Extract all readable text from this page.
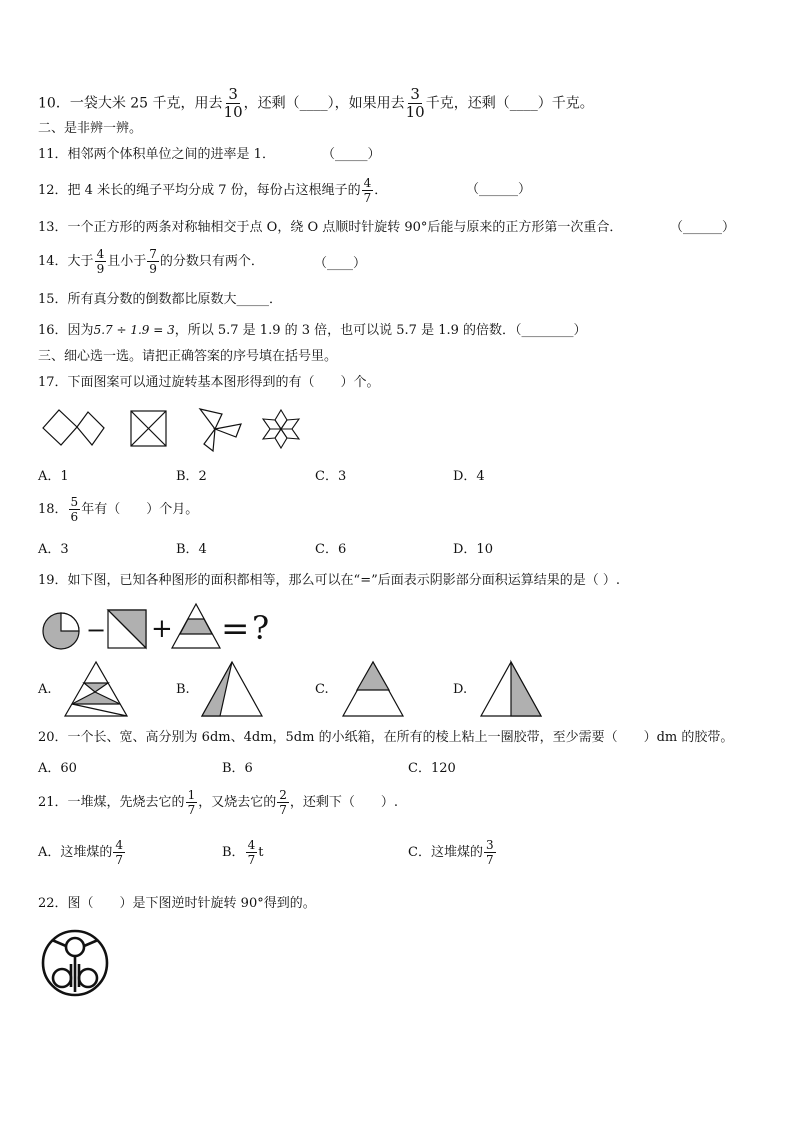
10．一袋大米 25 千克，用去 $\frac{3}{10}$ ，还剩（____），如果用去 $\frac{3}{10}$ 千克，还剩（____）千克。
二、是非辨一辨。
11．相邻两个体积单位之间的进率是 1．	（_____）
12．把 4 米长的绳子平均分成 7 份，每份占这根绳子的 $\frac{4}{7}$ ．	（______）
13．一个正方形的两条对称轴相交于点 O，绕 O 点顺时针旋转 90°后能与原来的正方形第一次重合．	（______）
14．大于 $\frac{4}{9}$ 且小于 $\frac{7}{9}$ 的分数只有两个．	（____）
15．所有真分数的倒数都比原数大_____．
16．因为5.7 ÷ 1.9 = 3，所以 5.7 是 1.9 的 3 倍，也可以说 5.7 是 1.9 的倍数．（________）
三、细心选一选。请把正确答案的序号填在括号里。
17．下面图案可以通过旋转基本图形得到的有（　　）个。
A．1	B．2	C．3	D．4
18． $\frac{5}{6}$ 年有（　　）个月。
A．3	B．4	C．6	D．10
19．如下图，已知各种图形的面积都相等，那么可以在“=”后面表示阴影部分面积运算结果的是（ ）.
− + = ?
A.	B.	C.	D.
20．一个长、宽、高分别为 6dm、4dm，5dm 的小纸箱，在所有的棱上粘上一圈胶带，至少需要（　　）dm 的胶带。
A．60	B．6	C．120
21．一堆煤，先烧去它的 $\frac{1}{7}$ ，又烧去它的 $\frac{2}{7}$ ，还剩下（　　）.
A．这堆煤的 $\frac{4}{7}$	B． $\frac{4}{7}$ t	C．这堆煤的 $\frac{3}{7}$
22．图（　　）是下图逆时针旋转 90°得到的。
